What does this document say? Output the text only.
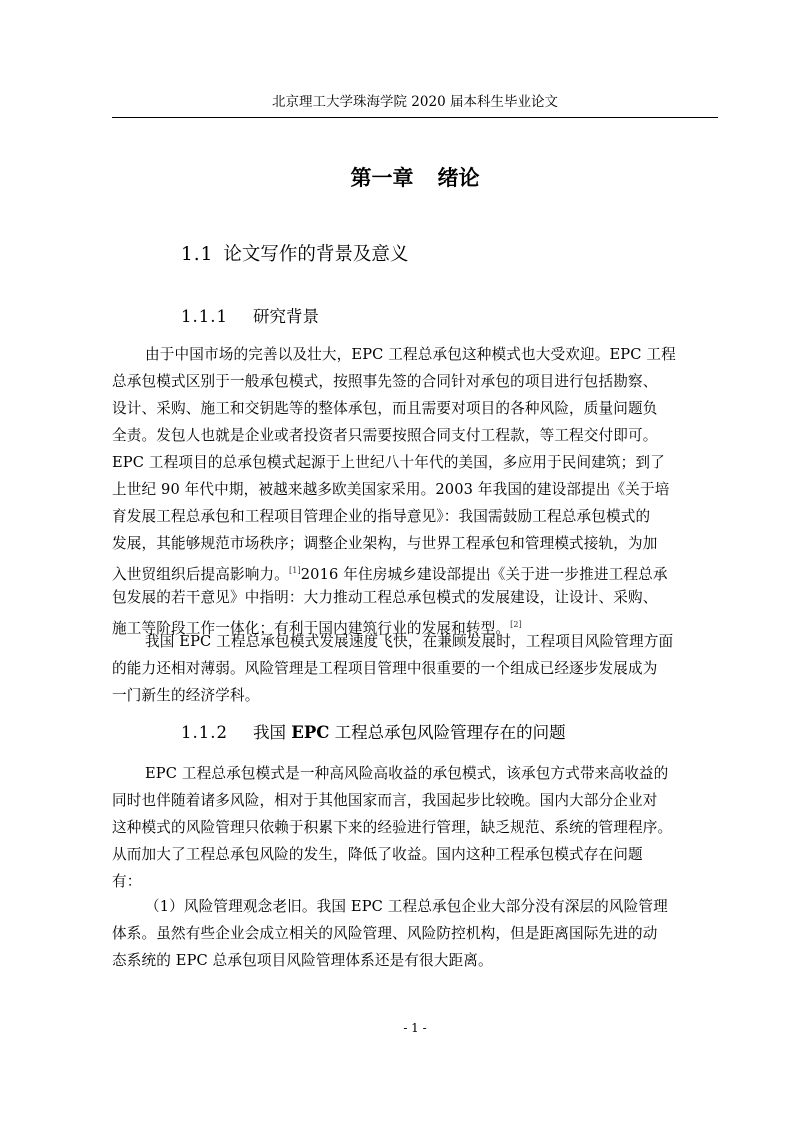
北京理工大学珠海学院 2020 届本科生毕业论文
第一章 绪论
1.1 论文写作的背景及意义
1.1.1 研究背景
由于中国市场的完善以及壮大，EPC 工程总承包这种模式也大受欢迎。EPC 工程
总承包模式区别于一般承包模式，按照事先签的合同针对承包的项目进行包括勘察、
设计、采购、施工和交钥匙等的整体承包，而且需要对项目的各种风险，质量问题负
全责。发包人也就是企业或者投资者只需要按照合同支付工程款，等工程交付即可。
EPC 工程项目的总承包模式起源于上世纪八十年代的美国，多应用于民间建筑；到了
上世纪 90 年代中期，被越来越多欧美国家采用。2003 年我国的建设部提出《关于培
育发展工程总承包和工程项目管理企业的指导意见》：我国需鼓励工程总承包模式的
发展，其能够规范市场秩序；调整企业架构，与世界工程承包和管理模式接轨，为加
入世贸组织后提高影响力。[1]2016 年住房城乡建设部提出《关于进一步推进工程总承
包发展的若干意见》中指明：大力推动工程总承包模式的发展建设，让设计、采购、
施工等阶段工作一体化；有利于国内建筑行业的发展和转型。[2]
我国 EPC 工程总承包模式发展速度飞快，在兼顾发展时，工程项目风险管理方面
的能力还相对薄弱。风险管理是工程项目管理中很重要的一个组成已经逐步发展成为
一门新生的经济学科。
1.1.2 我国 EPC 工程总承包风险管理存在的问题
EPC 工程总承包模式是一种高风险高收益的承包模式，该承包方式带来高收益的
同时也伴随着诸多风险，相对于其他国家而言，我国起步比较晚。国内大部分企业对
这种模式的风险管理只依赖于积累下来的经验进行管理，缺乏规范、系统的管理程序。
从而加大了工程总承包风险的发生，降低了收益。国内这种工程承包模式存在问题
有：
（1）风险管理观念老旧。我国 EPC 工程总承包企业大部分没有深层的风险管理
体系。虽然有些企业会成立相关的风险管理、风险防控机构，但是距离国际先进的动
态系统的 EPC 总承包项目风险管理体系还是有很大距离。
- 1 -
